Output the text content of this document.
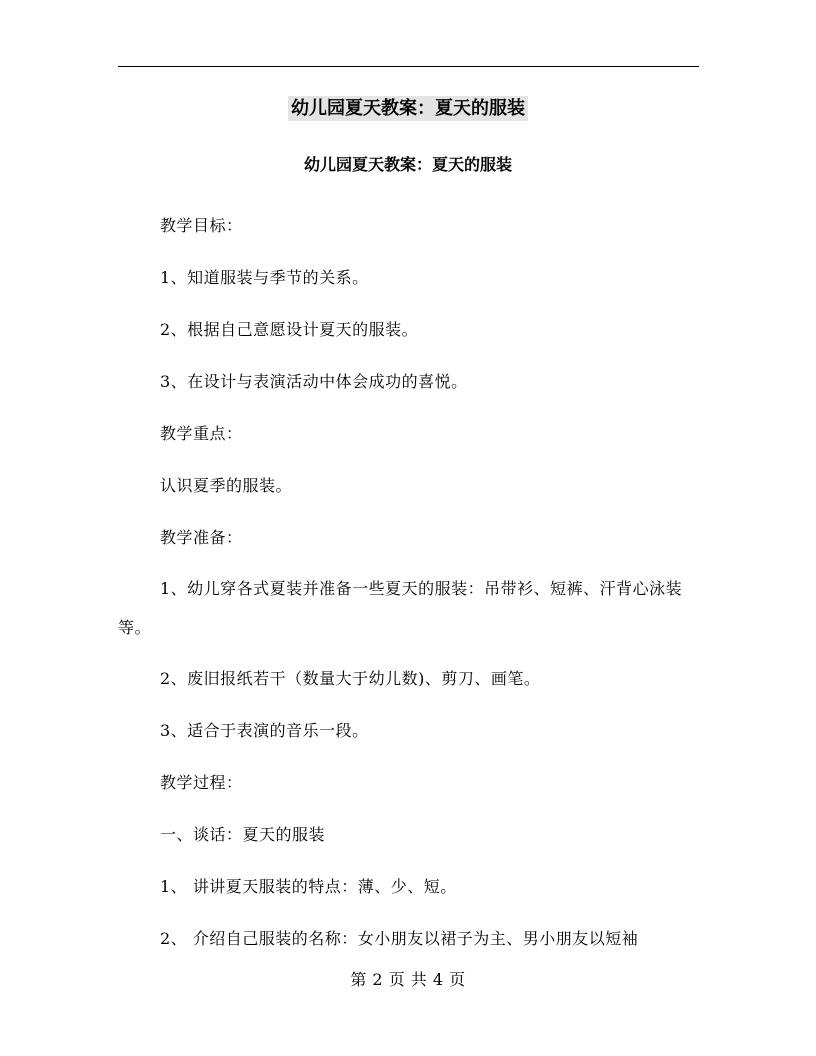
幼儿园夏天教案：夏天的服装
幼儿园夏天教案：夏天的服装
教学目标：
1、知道服装与季节的关系。
2、根据自己意愿设计夏天的服装。
3、在设计与表演活动中体会成功的喜悦。
教学重点：
认识夏季的服装。
教学准备：
1、幼儿穿各式夏装并准备一些夏天的服装：吊带衫、短裤、汗背心泳装等。
2、废旧报纸若干（数量大于幼儿数)、剪刀、画笔。
3、适合于表演的音乐一段。
教学过程：
一、谈话：夏天的服装
1、 讲讲夏天服装的特点：薄、少、短。
2、 介绍自己服装的名称：女小朋友以裙子为主、男小朋友以短袖
第 2 页 共 4 页
